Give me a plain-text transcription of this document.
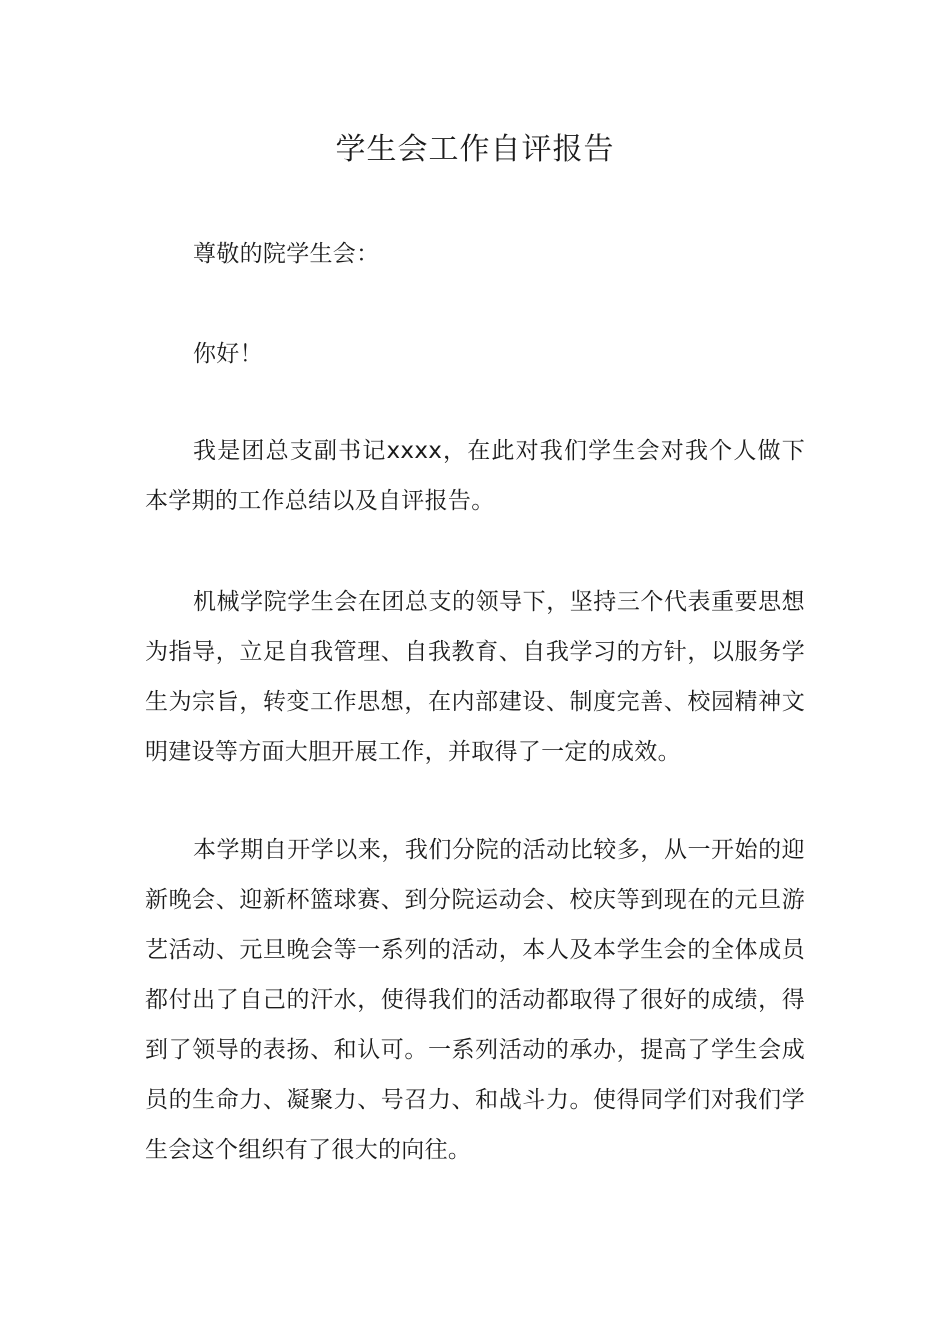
学生会工作自评报告

尊敬的院学生会：

你好！

我是团总支副书记xxxx，在此对我们学生会对我个人做下本学期的工作总结以及自评报告。

机械学院学生会在团总支的领导下，坚持三个代表重要思想为指导，立足自我管理、自我教育、自我学习的方针，以服务学生为宗旨，转变工作思想，在内部建设、制度完善、校园精神文明建设等方面大胆开展工作，并取得了一定的成效。

本学期自开学以来，我们分院的活动比较多，从一开始的迎新晚会、迎新杯篮球赛、到分院运动会、校庆等到现在的元旦游艺活动、元旦晚会等一系列的活动，本人及本学生会的全体成员都付出了自己的汗水，使得我们的活动都取得了很好的成绩，得到了领导的表扬、和认可。一系列活动的承办，提高了学生会成员的生命力、凝聚力、号召力、和战斗力。使得同学们对我们学生会这个组织有了很大的向往。
